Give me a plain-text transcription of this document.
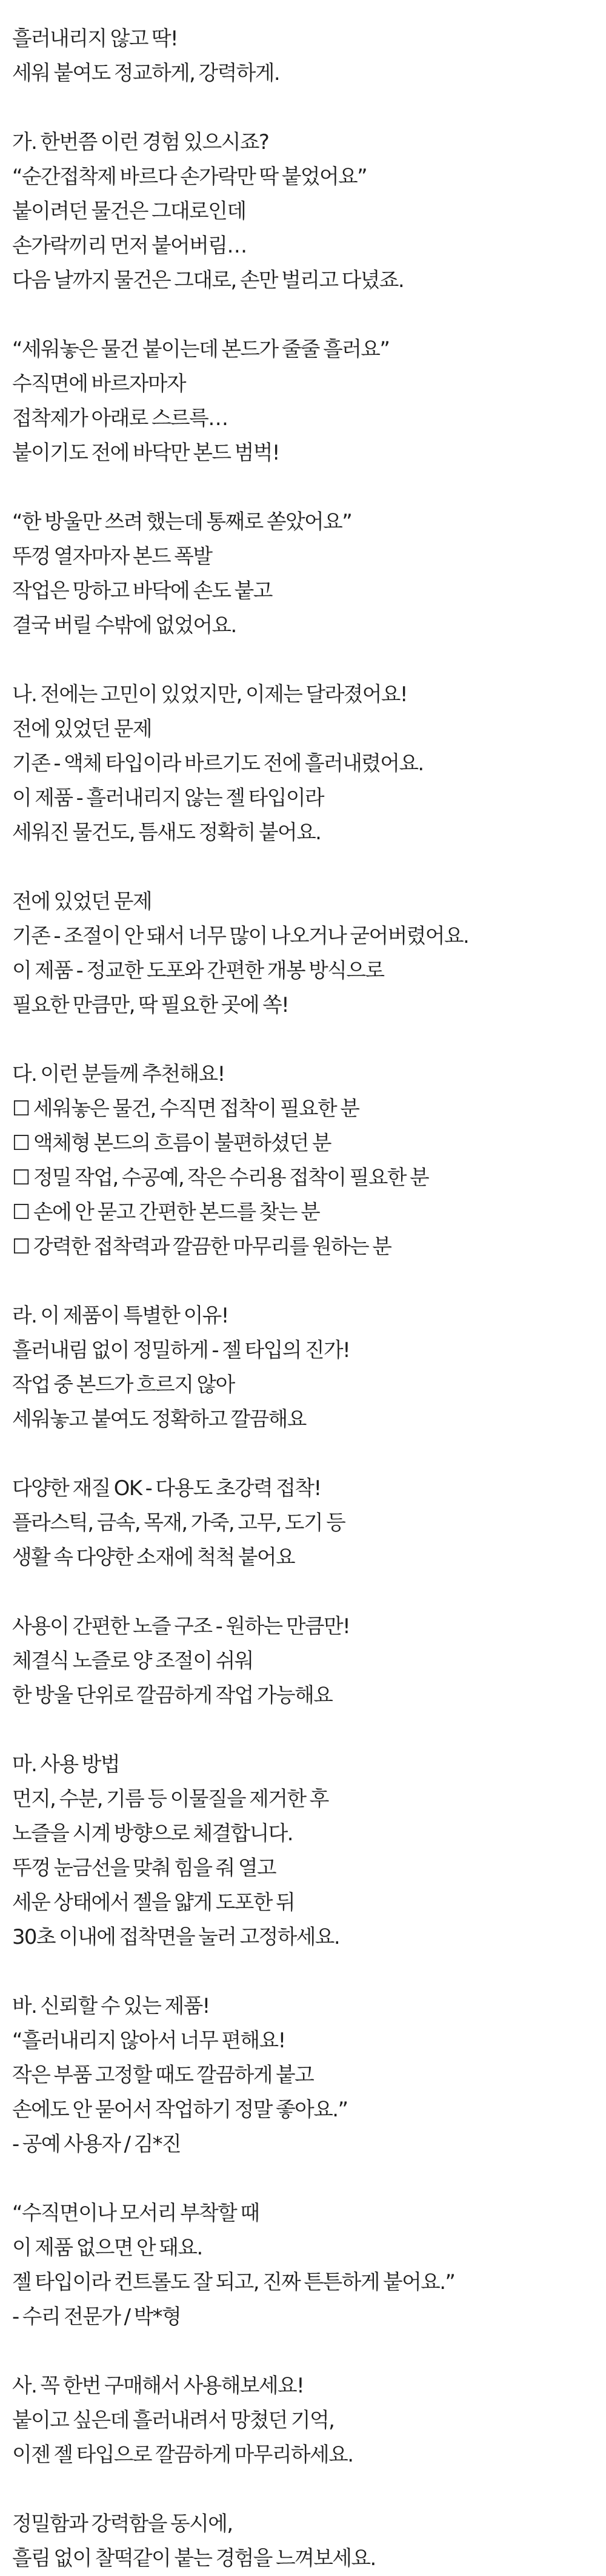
흘러내리지 않고 딱!
세워 붙여도 정교하게, 강력하게.
가. 한번쯤 이런 경험 있으시죠?
“순간접착제 바르다 손가락만 딱 붙었어요”
붙이려던 물건은 그대로인데
손가락끼리 먼저 붙어버림…
다음 날까지 물건은 그대로, 손만 벌리고 다녔죠.
“세워놓은 물건 붙이는데 본드가 줄줄 흘러요”
수직면에 바르자마자
접착제가 아래로 스르륵…
붙이기도 전에 바닥만 본드 범벅!
“한 방울만 쓰려 했는데 통째로 쏟았어요”
뚜껑 열자마자 본드 폭발
작업은 망하고 바닥에 손도 붙고
결국 버릴 수밖에 없었어요.
나. 전에는 고민이 있었지만, 이제는 달라졌어요!
전에 있었던 문제
기존 - 액체 타입이라 바르기도 전에 흘러내렸어요.
이 제품 - 흘러내리지 않는 젤 타입이라
세워진 물건도, 틈새도 정확히 붙어요.
전에 있었던 문제
기존 - 조절이 안 돼서 너무 많이 나오거나 굳어버렸어요.
이 제품 - 정교한 도포와 간편한 개봉 방식으로
필요한 만큼만, 딱 필요한 곳에 쏙!
다. 이런 분들께 추천해요!
☐ 세워놓은 물건, 수직면 접착이 필요한 분
☐ 액체형 본드의 흐름이 불편하셨던 분
☐ 정밀 작업, 수공예, 작은 수리용 접착이 필요한 분
☐ 손에 안 묻고 간편한 본드를 찾는 분
☐ 강력한 접착력과 깔끔한 마무리를 원하는 분
라. 이 제품이 특별한 이유!
흘러내림 없이 정밀하게 - 젤 타입의 진가!
작업 중 본드가 흐르지 않아
세워놓고 붙여도 정확하고 깔끔해요
다양한 재질 OK - 다용도 초강력 접착!
플라스틱, 금속, 목재, 가죽, 고무, 도기 등
생활 속 다양한 소재에 척척 붙어요
사용이 간편한 노즐 구조 - 원하는 만큼만!
체결식 노즐로 양 조절이 쉬워
한 방울 단위로 깔끔하게 작업 가능해요
마. 사용 방법
먼지, 수분, 기름 등 이물질을 제거한 후
노즐을 시계 방향으로 체결합니다.
뚜껑 눈금선을 맞춰 힘을 줘 열고
세운 상태에서 젤을 얇게 도포한 뒤
30초 이내에 접착면을 눌러 고정하세요.
바. 신뢰할 수 있는 제품!
“흘러내리지 않아서 너무 편해요!
작은 부품 고정할 때도 깔끔하게 붙고
손에도 안 묻어서 작업하기 정말 좋아요.”
- 공예 사용자 / 김*진
“수직면이나 모서리 부착할 때
이 제품 없으면 안 돼요.
젤 타입이라 컨트롤도 잘 되고, 진짜 튼튼하게 붙어요.”
- 수리 전문가 / 박*형
사. 꼭 한번 구매해서 사용해보세요!
붙이고 싶은데 흘러내려서 망쳤던 기억,
이젠 젤 타입으로 깔끔하게 마무리하세요.
정밀함과 강력함을 동시에,
흘림 없이 찰떡같이 붙는 경험을 느껴보세요.
